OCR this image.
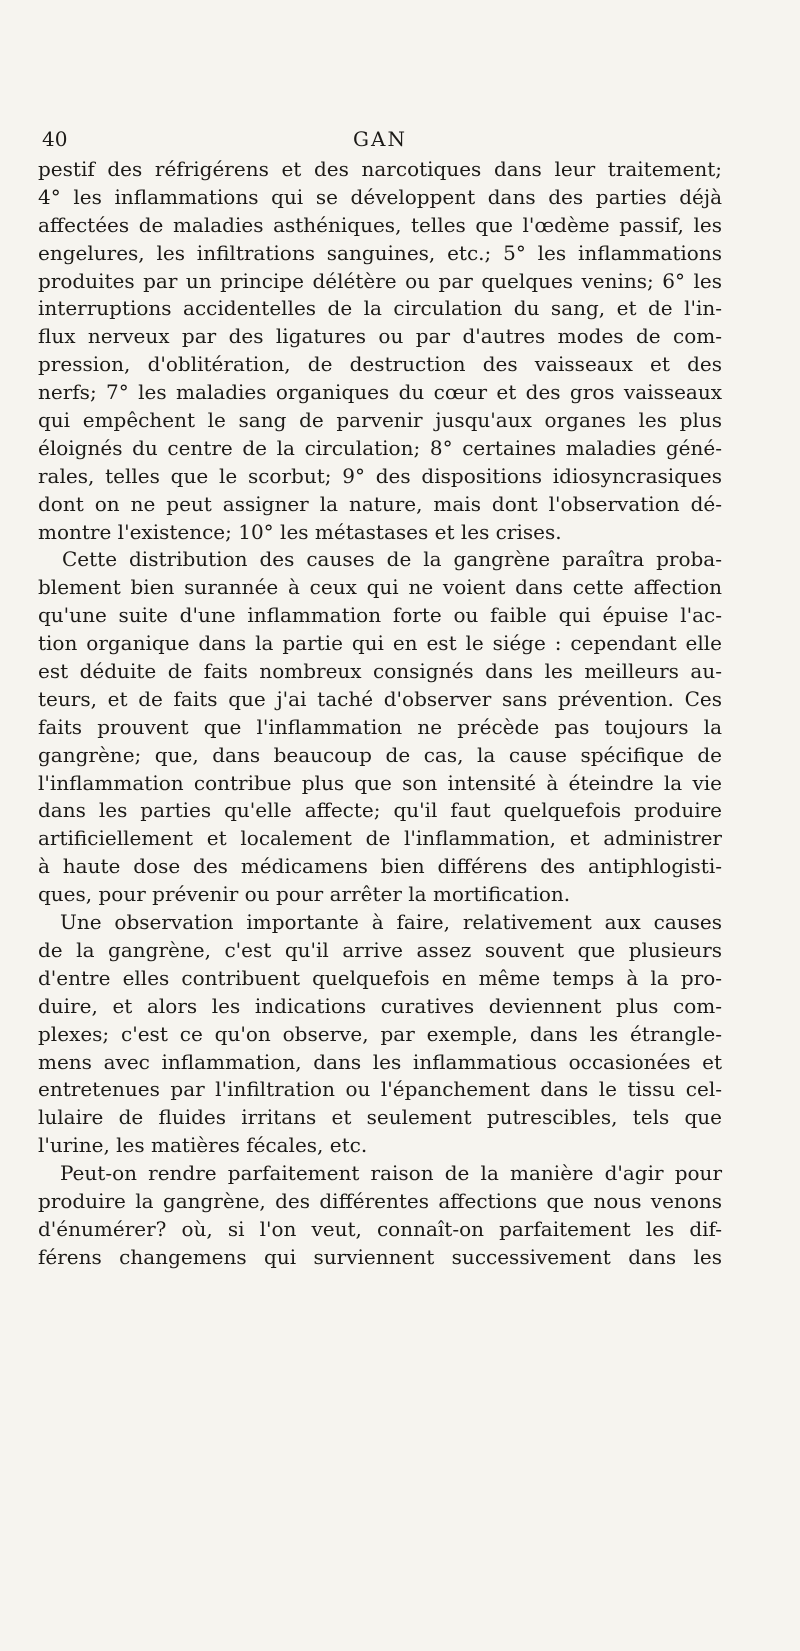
40	GAN
pestif des réfrigérens et des narcotiques dans leur traitement;
4° les inflammations qui se développent dans des parties déjà
affectées de maladies asthéniques, telles que l'œdème passif, les
engelures, les infiltrations sanguines, etc.; 5° les inflammations
produites par un principe délétère ou par quelques venins; 6° les
interruptions accidentelles de la circulation du sang, et de l'in-
flux nerveux par des ligatures ou par d'autres modes de com-
pression, d'oblitération, de destruction des vaisseaux et des
nerfs; 7° les maladies organiques du cœur et des gros vaisseaux
qui empêchent le sang de parvenir jusqu'aux organes les plus
éloignés du centre de la circulation; 8° certaines maladies géné-
rales, telles que le scorbut; 9° des dispositions idiosyncrasiques
dont on ne peut assigner la nature, mais dont l'observation dé-
montre l'existence; 10° les métastases et les crises.
Cette distribution des causes de la gangrène paraîtra proba-
blement bien surannée à ceux qui ne voient dans cette affection
qu'une suite d'une inflammation forte ou faible qui épuise l'ac-
tion organique dans la partie qui en est le siége : cependant elle
est déduite de faits nombreux consignés dans les meilleurs au-
teurs, et de faits que j'ai taché d'observer sans prévention. Ces
faits prouvent que l'inflammation ne précède pas toujours la
gangrène; que, dans beaucoup de cas, la cause spécifique de
l'inflammation contribue plus que son intensité à éteindre la vie
dans les parties qu'elle affecte; qu'il faut quelquefois produire
artificiellement et localement de l'inflammation, et administrer
à haute dose des médicamens bien différens des antiphlogisti-
ques, pour prévenir ou pour arrêter la mortification.
Une observation importante à faire, relativement aux causes
de la gangrène, c'est qu'il arrive assez souvent que plusieurs
d'entre elles contribuent quelquefois en même temps à la pro-
duire, et alors les indications curatives deviennent plus com-
plexes; c'est ce qu'on observe, par exemple, dans les étrangle-
mens avec inflammation, dans les inflammatious occasionées et
entretenues par l'infiltration ou l'épanchement dans le tissu cel-
lulaire de fluides irritans et seulement putrescibles, tels que
l'urine, les matières fécales, etc.
Peut-on rendre parfaitement raison de la manière d'agir pour
produire la gangrène, des différentes affections que nous venons
d'énumérer? où, si l'on veut, connaît-on parfaitement les dif-
férens changemens qui surviennent successivement dans les
